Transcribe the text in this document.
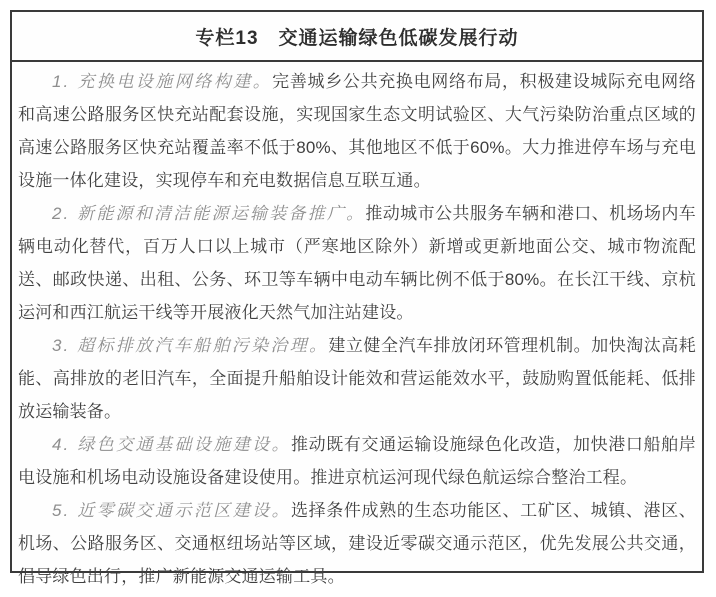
专栏13　交通运输绿色低碳发展行动

1. 充换电设施网络构建。完善城乡公共充换电网络布局，积极建设城际充电网络和高速公路服务区快充站配套设施，实现国家生态文明试验区、大气污染防治重点区域的高速公路服务区快充站覆盖率不低于80%、其他地区不低于60%。大力推进停车场与充电设施一体化建设，实现停车和充电数据信息互联互通。

2. 新能源和清洁能源运输装备推广。推动城市公共服务车辆和港口、机场场内车辆电动化替代，百万人口以上城市（严寒地区除外）新增或更新地面公交、城市物流配送、邮政快递、出租、公务、环卫等车辆中电动车辆比例不低于80%。在长江干线、京杭运河和西江航运干线等开展液化天然气加注站建设。

3. 超标排放汽车船舶污染治理。建立健全汽车排放闭环管理机制。加快淘汰高耗能、高排放的老旧汽车，全面提升船舶设计能效和营运能效水平，鼓励购置低能耗、低排放运输装备。

4. 绿色交通基础设施建设。推动既有交通运输设施绿色化改造，加快港口船舶岸电设施和机场电动设施设备建设使用。推进京杭运河现代绿色航运综合整治工程。

5. 近零碳交通示范区建设。选择条件成熟的生态功能区、工矿区、城镇、港区、机场、公路服务区、交通枢纽场站等区域，建设近零碳交通示范区，优先发展公共交通，倡导绿色出行，推广新能源交通运输工具。
